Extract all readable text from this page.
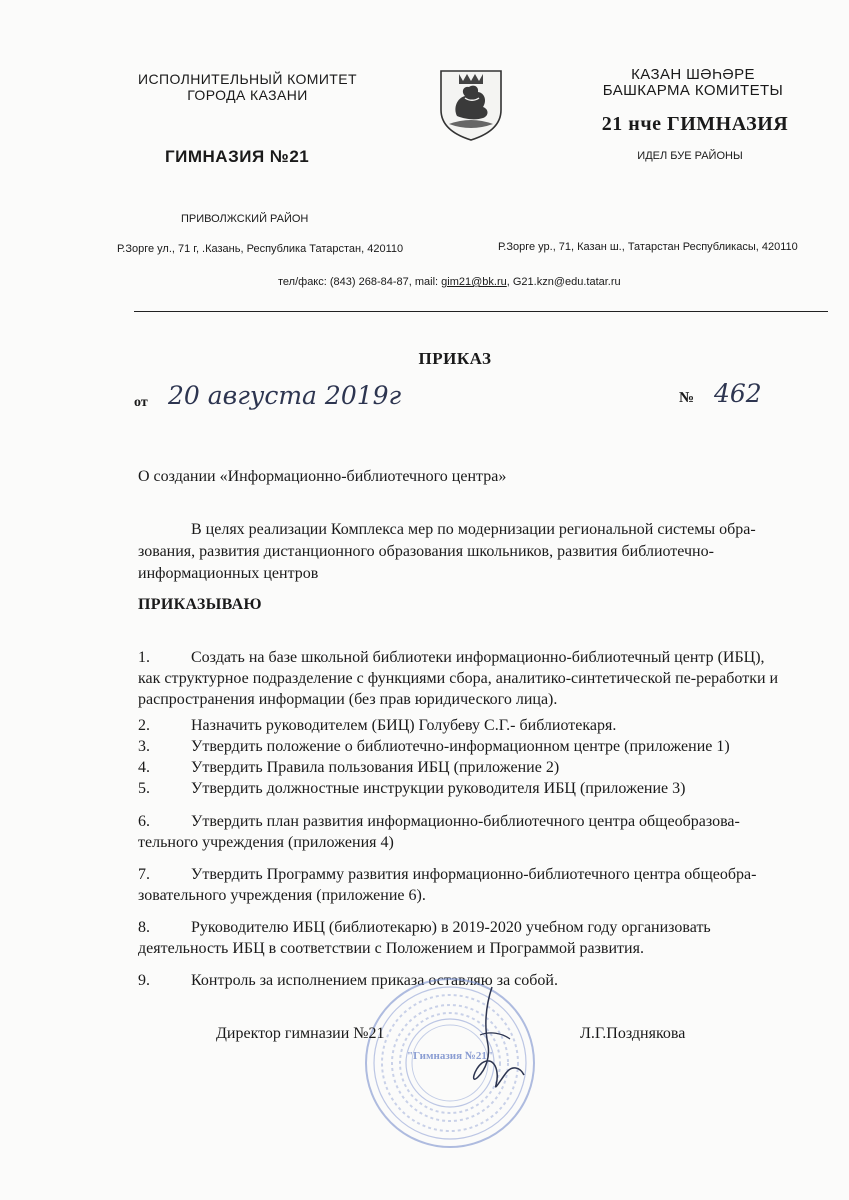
ИСПОЛНИТЕЛЬНЫЙ КОМИТЕТ
ГОРОДА КАЗАНИ
КАЗАН ШӘҺӘРЕ
БАШКАРМА КОМИТЕТЫ
21 нче ГИМНАЗИЯ
ГИМНАЗИЯ №21	ИДЕЛ БУЕ РАЙОНЫ
ПРИВОЛЖСКИЙ РАЙОН
Р.Зорге ул., 71 г, .Казань, Республика Татарстан, 420110	Р.Зорге ур., 71, Казан ш., Татарстан Республикасы, 420110
тел/факс: (843) 268-84-87, mail: gim21@bk.ru, G21.kzn@edu.tatar.ru
ПРИКАЗ
от 20 августа 2019г	№ 462
О создании «Информационно-библиотечного центра»
В целях реализации Комплекса мер по модернизации региональной системы обра-зования, развития дистанционного образования школьников, развития библиотечно-информационных центров
ПРИКАЗЫВАЮ
1.	Создать на базе школьной библиотеки информационно-библиотечный центр (ИБЦ), как структурное подразделение с функциями сбора, аналитико-синтетической пе-реработки и распространения информации (без прав юридического лица).
2.	Назначить руководителем (БИЦ) Голубеву С.Г.- библиотекаря.
3.	Утвердить положение о библиотечно-информационном центре (приложение 1)
4.	Утвердить Правила пользования ИБЦ (приложение 2)
5.	Утвердить должностные инструкции руководителя ИБЦ (приложение 3)
6.	Утвердить план развития информационно-библиотечного центра общеобразова-тельного учреждения (приложения 4)
7.	Утвердить Программу развития информационно-библиотечного центра общеобра-зовательного учреждения (приложение 6).
8.	Руководителю ИБЦ (библиотекарю) в 2019-2020 учебном году организовать деятельность ИБЦ в соответствии с Положением и Программой развития.
9.	Контроль за исполнением приказа оставляю за собой.
"Гимназия №21"
Директор гимназии №21	Л.Г.Позднякова
